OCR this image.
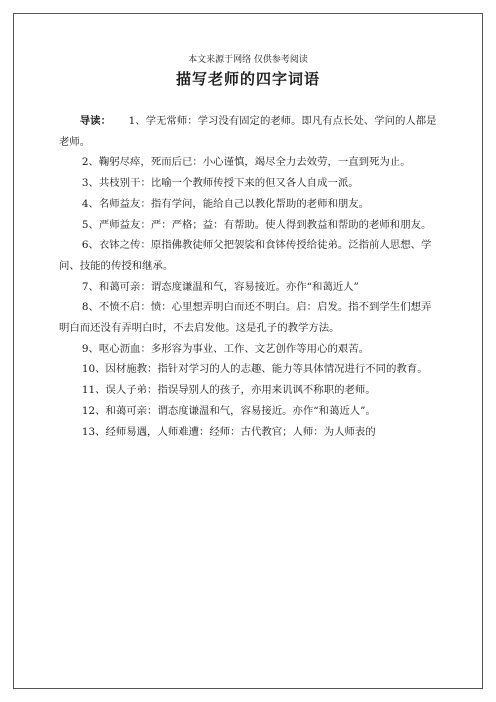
本文来源于网络 仅供参考阅读
描写老师的四字词语

导读： 1、学无常师：学习没有固定的老师。即凡有点长处、学问的人都是老师。

2、鞠躬尽瘁，死而后已：小心谨慎，竭尽全力去效劳，一直到死为止。

3、共枝别干：比喻一个教师传授下来的但又各人自成一派。

4、名师益友：指有学问，能给自己以教化帮助的老师和朋友。

5、严师益友：严：严格；益：有帮助。使人得到教益和帮助的老师和朋友。

6、衣钵之传：原指佛教徒师父把袈裟和食钵传授给徒弟。泛指前人思想、学问、技能的传授和继承。

7、和蔼可亲：谓态度谦温和气，容易接近。亦作“和蔼近人”

8、不愤不启：愤：心里想弄明白而还不明白。启：启发。指不到学生们想弄明白而还没有弄明白时，不去启发他。这是孔子的教学方法。

9、呕心沥血：多形容为事业、工作、文艺创作等用心的艰苦。

10、因材施教：指针对学习的人的志趣、能力等具体情况进行不同的教育。

11、误人子弟：指误导别人的孩子，亦用来讥讽不称职的老师。

12、和蔼可亲：谓态度谦温和气，容易接近。亦作“和蔼近人”。

13、经师易遇，人师难遭：经师：古代教官；人师：为人师表的
